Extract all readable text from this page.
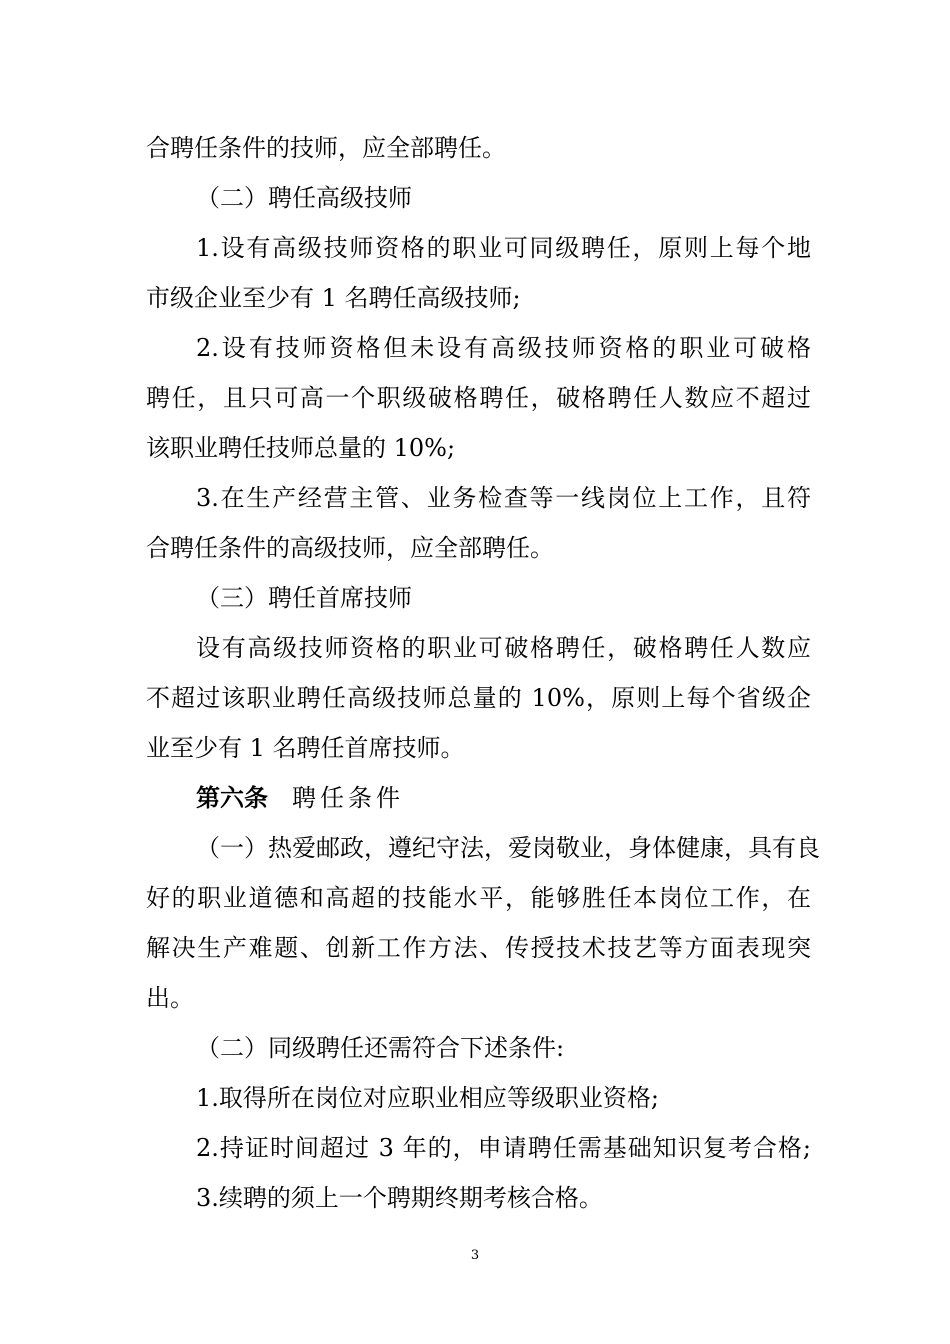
合聘任条件的技师，应全部聘任。
（二）聘任高级技师
1.设有高级技师资格的职业可同级聘任，原则上每个地
市级企业至少有 1 名聘任高级技师;
2.设有技师资格但未设有高级技师资格的职业可破格
聘任，且只可高一个职级破格聘任，破格聘任人数应不超过
该职业聘任技师总量的 10%;
3.在生产经营主管、业务检查等一线岗位上工作，且符
合聘任条件的高级技师，应全部聘任。
（三）聘任首席技师
设有高级技师资格的职业可破格聘任，破格聘任人数应
不超过该职业聘任高级技师总量的 10%，原则上每个省级企
业至少有 1 名聘任首席技师。
第六条 聘任条件
（一）热爱邮政，遵纪守法，爱岗敬业，身体健康，具有良
好的职业道德和高超的技能水平，能够胜任本岗位工作，在
解决生产难题、创新工作方法、传授技术技艺等方面表现突
出。
（二）同级聘任还需符合下述条件:
1.取得所在岗位对应职业相应等级职业资格;
2.持证时间超过 3 年的，申请聘任需基础知识复考合格;
3.续聘的须上一个聘期终期考核合格。
3
